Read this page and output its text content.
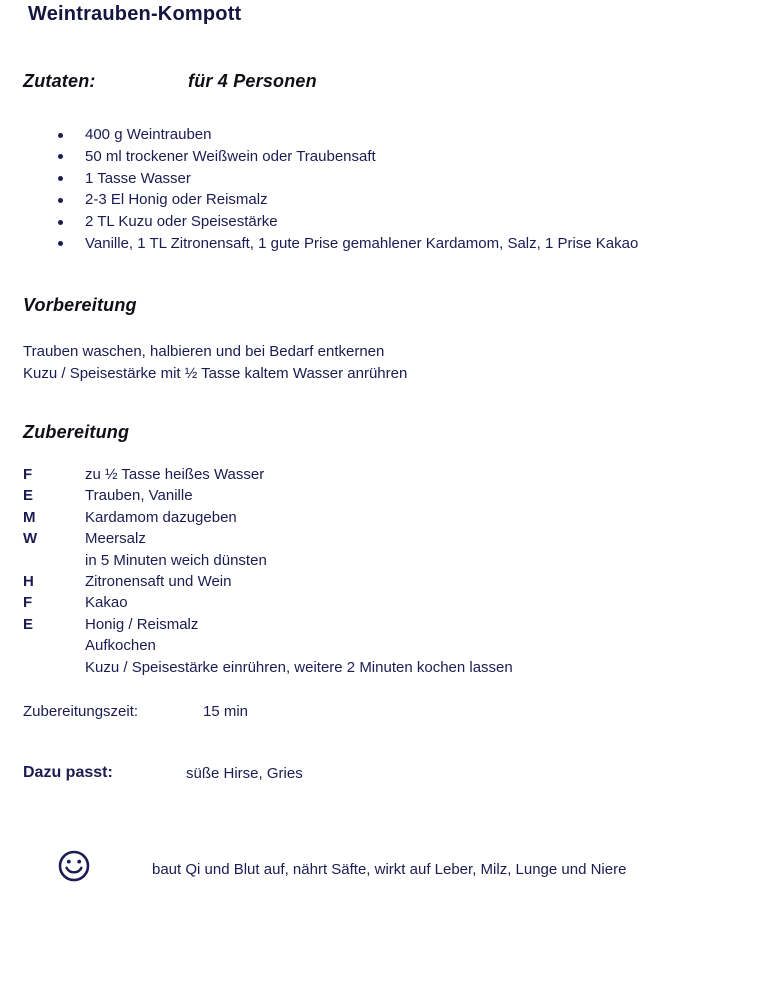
Weintrauben-Kompott
Zutaten:	für 4 Personen
400 g Weintrauben
50 ml trockener Weißwein oder Traubensaft
1 Tasse Wasser
2-3 El Honig oder Reismalz
2 TL Kuzu oder Speisestärke
Vanille, 1 TL Zitronensaft, 1 gute Prise gemahlener Kardamom, Salz, 1 Prise Kakao
Vorbereitung
Trauben waschen, halbieren und bei Bedarf entkernen
Kuzu / Speisestärke mit ½ Tasse kaltem Wasser anrühren
Zubereitung
F	zu ½ Tasse heißes Wasser
E	Trauben, Vanille
M	Kardamom dazugeben
W	Meersalz
in 5 Minuten weich dünsten
H	Zitronensaft und Wein
F	Kakao
E	Honig / Reismalz
Aufkochen
Kuzu / Speisestärke einrühren, weitere 2 Minuten kochen lassen
Zubereitungszeit:	15 min
Dazu passt:	süße Hirse, Gries
baut Qi und Blut auf, nährt Säfte, wirkt auf Leber, Milz, Lunge und Niere
